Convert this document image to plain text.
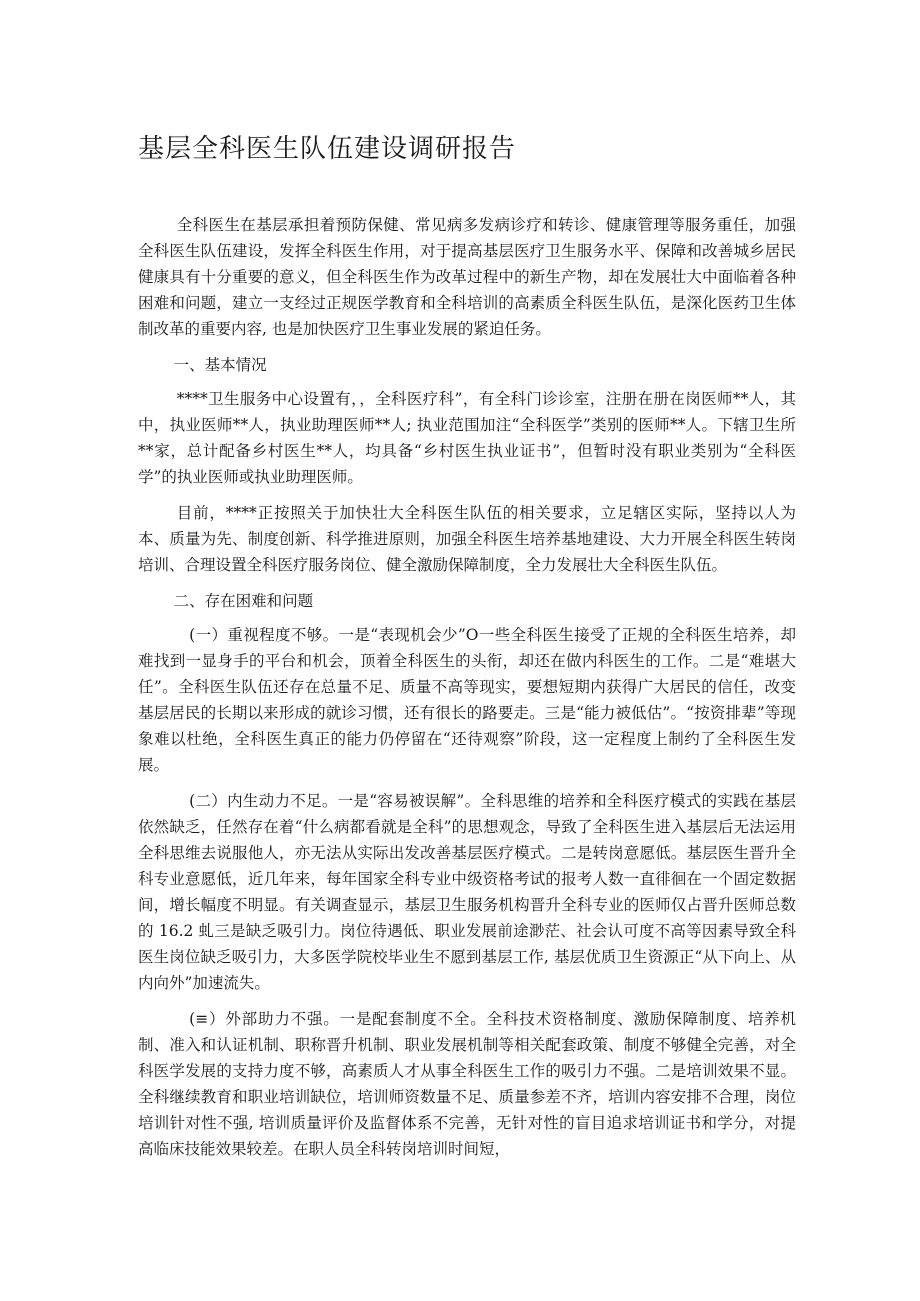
基层全科医生队伍建设调研报告

全科医生在基层承担着预防保健、常见病多发病诊疗和转诊、健康管理等服务重任，加强全科医生队伍建设，发挥全科医生作用，对于提高基层医疗卫生服务水平、保障和改善城乡居民健康具有十分重要的意义，但全科医生作为改革过程中的新生产物，却在发展壮大中面临着各种困难和问题，建立一支经过正规医学教育和全科培训的高素质全科医生队伍，是深化医药卫生体制改革的重要内容, 也是加快医疗卫生事业发展的紧迫任务。

一、基本情况

****卫生服务中心设置有，，全科医疗科”，有全科门诊诊室，注册在册在岗医师**人，其中，执业医师**人，执业助理医师**人; 执业范围加注“全科医学”类别的医师**人。下辖卫生所**家，总计配备乡村医生**人，均具备“乡村医生执业证书”，但暂时没有职业类别为“全科医学”的执业医师或执业助理医师。

目前，****正按照关于加快壮大全科医生队伍的相关要求，立足辖区实际，坚持以人为本、质量为先、制度创新、科学推进原则，加强全科医生培养基地建设、大力开展全科医生转岗培训、合理设置全科医疗服务岗位、健全激励保障制度，全力发展壮大全科医生队伍。

二、存在困难和问题

(一）重视程度不够。一是“表现机会少”O一些全科医生接受了正规的全科医生培养，却难找到一显身手的平台和机会，顶着全科医生的头衔，却还在做内科医生的工作。二是“难堪大任”。全科医生队伍还存在总量不足、质量不高等现实，要想短期内获得广大居民的信任，改变基层居民的长期以来形成的就诊习惯，还有很长的路要走。三是“能力被低估”。“按资排辈”等现象难以杜绝，全科医生真正的能力仍停留在“还待观察”阶段，这一定程度上制约了全科医生发展。

(二）内生动力不足。一是“容易被误解”。全科思维的培养和全科医疗模式的实践在基层依然缺乏，任然存在着“什么病都看就是全科”的思想观念，导致了全科医生进入基层后无法运用全科思维去说服他人，亦无法从实际出发改善基层医疗模式。二是转岗意愿低。基层医生晋升全科专业意愿低，近几年来，每年国家全科专业中级资格考试的报考人数一直徘徊在一个固定数据间，增长幅度不明显。有关调查显示，基层卫生服务机构晋升全科专业的医师仅占晋升医师总数的 16.2 虬三是缺乏吸引力。岗位待遇低、职业发展前途渺茫、社会认可度不高等因素导致全科医生岗位缺乏吸引力，大多医学院校毕业生不愿到基层工作, 基层优质卫生资源正“从下向上、从内向外”加速流失。

(≡）外部助力不强。一是配套制度不全。全科技术资格制度、激励保障制度、培养机制、准入和认证机制、职称晋升机制、职业发展机制等相关配套政策、制度不够健全完善，对全科医学发展的支持力度不够，高素质人才从事全科医生工作的吸引力不强。二是培训效果不显。全科继续教育和职业培训缺位，培训师资数量不足、质量参差不齐，培训内容安排不合理，岗位培训针对性不强, 培训质量评价及监督体系不完善，无针对性的盲目追求培训证书和学分，对提高临床技能效果较差。在职人员全科转岗培训时间短，
